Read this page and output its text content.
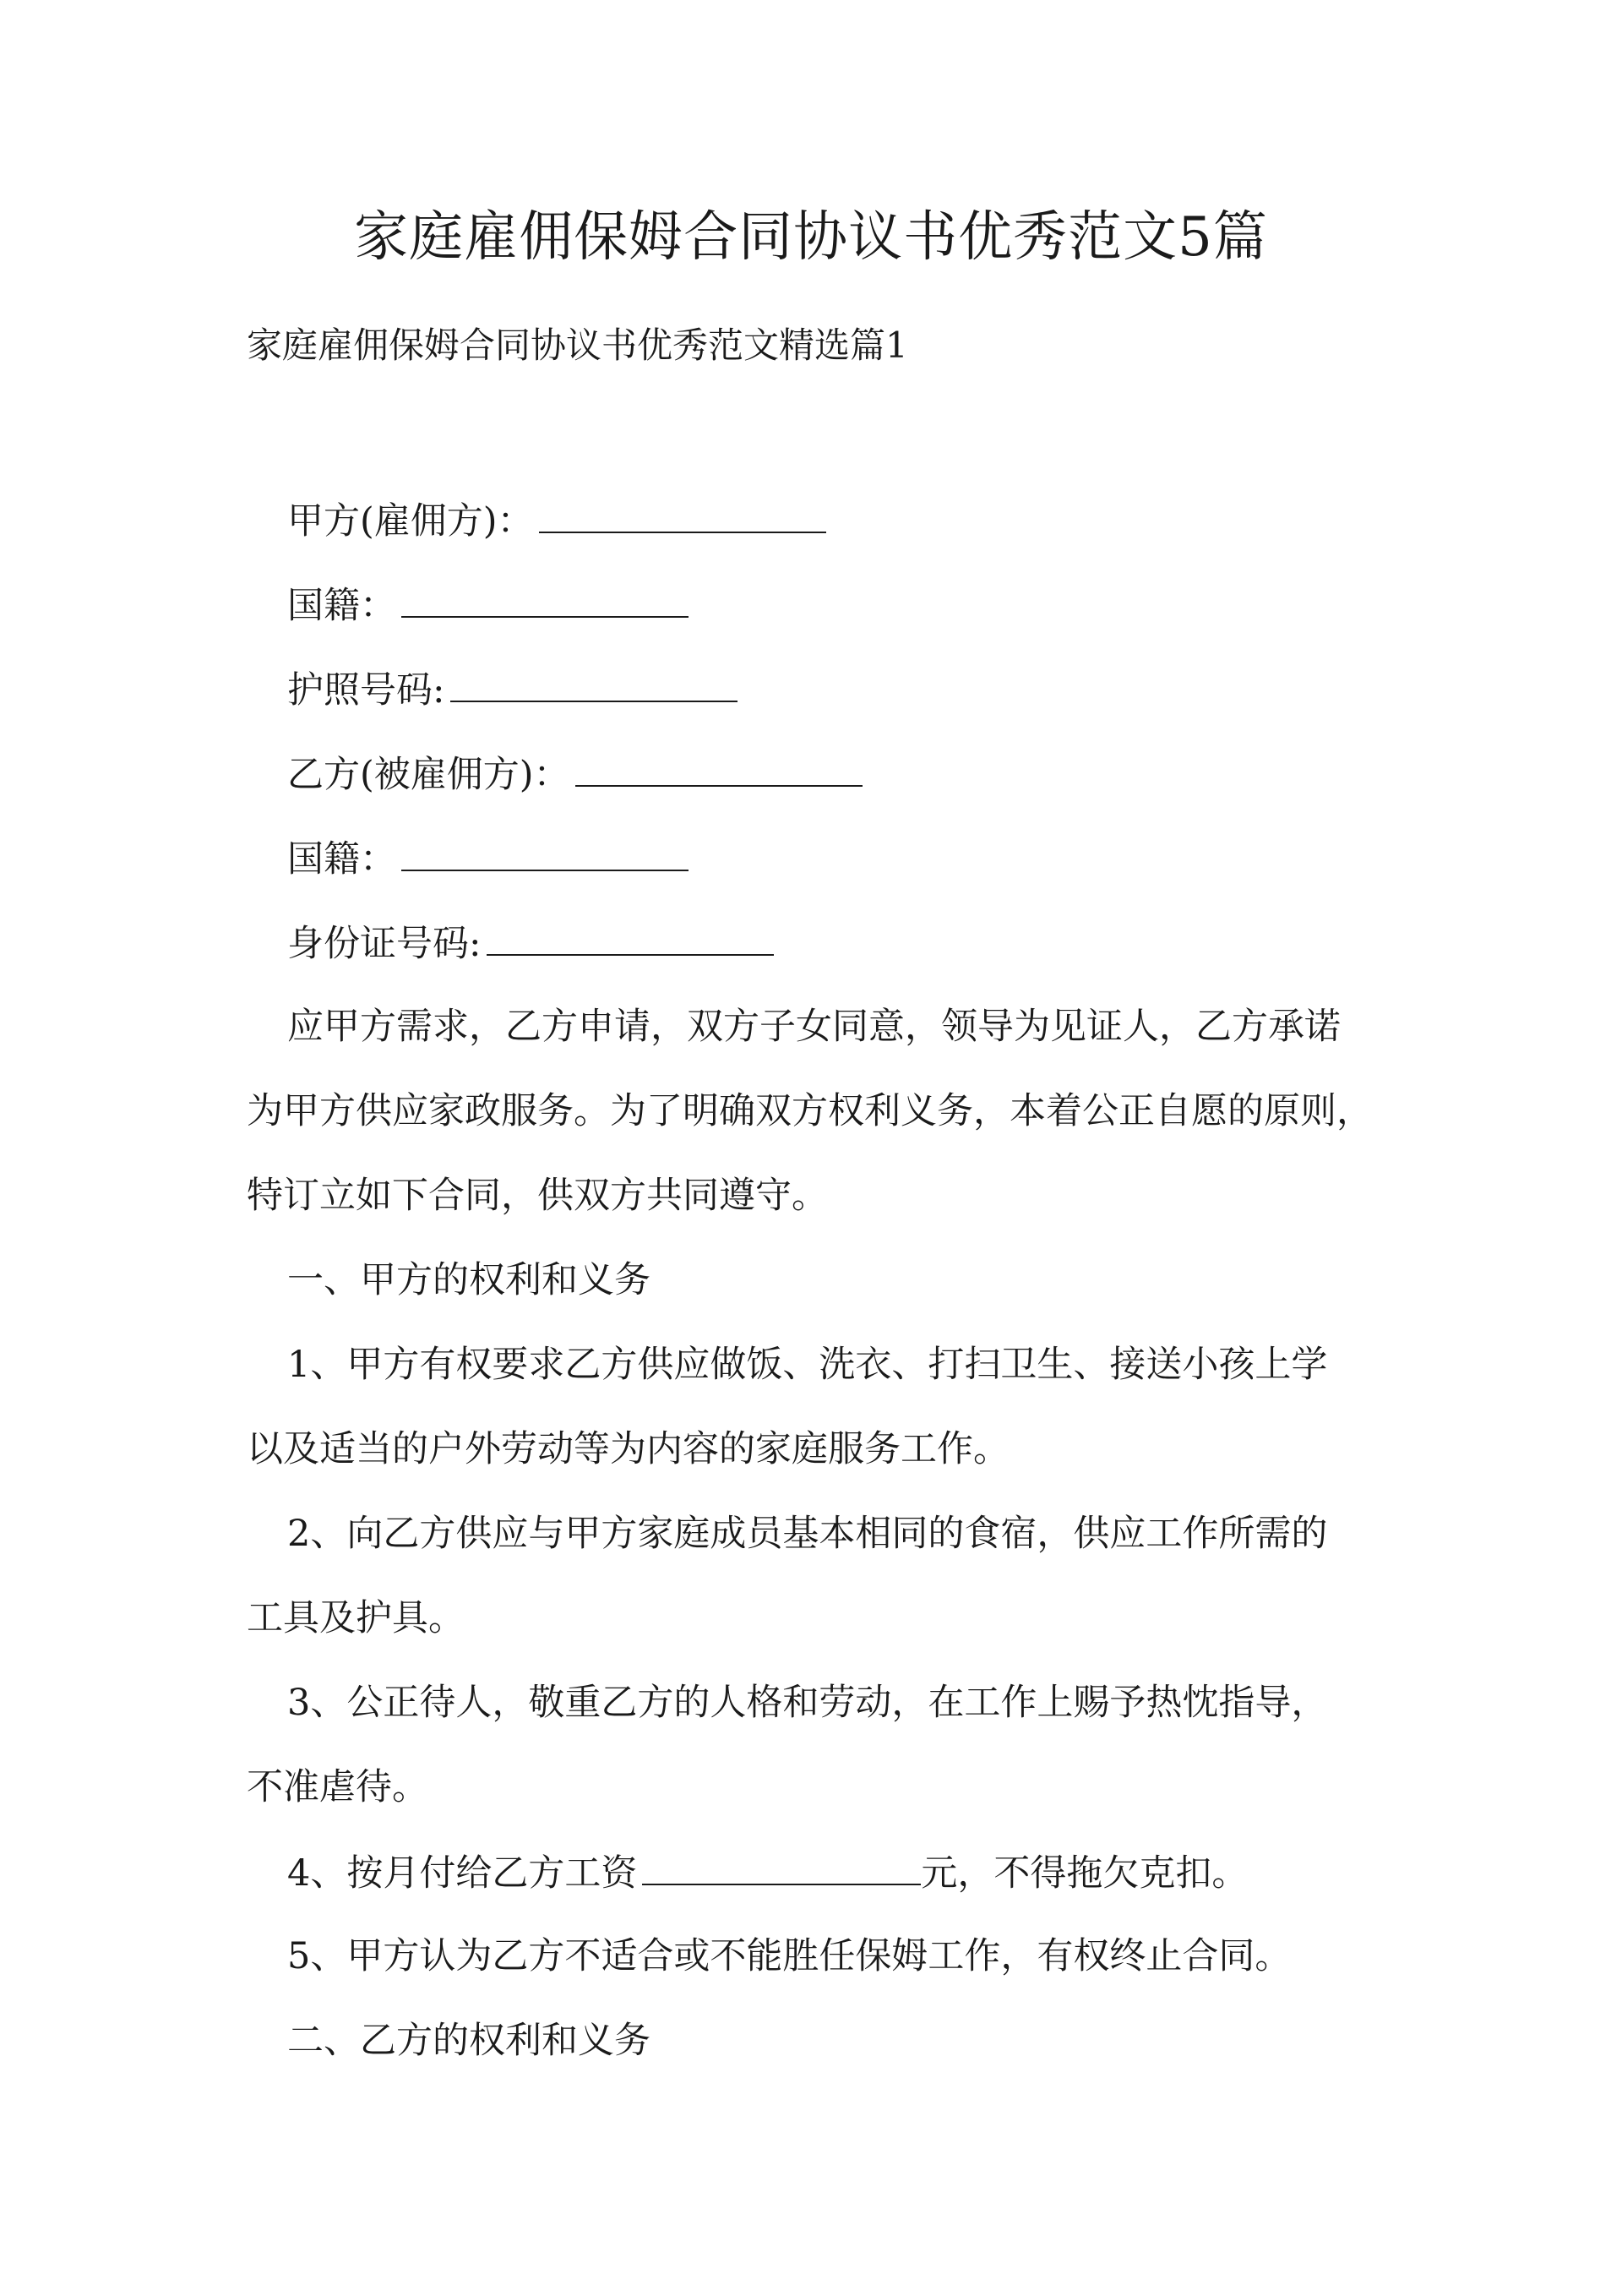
家庭雇佣保姆合同协议书优秀范文5篇
家庭雇佣保姆合同协议书优秀范文精选篇1
甲方(雇佣方)：
国籍：
护照号码:
乙方(被雇佣方)：
国籍：
身份证号码:
应甲方需求，乙方申请，双方子女同意，领导为见证人，乙方承诺
为甲方供应家政服务。为了明确双方权利义务，本着公正自愿的原则，
特订立如下合同，供双方共同遵守。
一、甲方的权利和义务
1、甲方有权要求乙方供应做饭、洗衣、打扫卫生、接送小孩上学
以及适当的户外劳动等为内容的家庭服务工作。
2、向乙方供应与甲方家庭成员基本相同的食宿，供应工作所需的
工具及护具。
3、公正待人，敬重乙方的人格和劳动，在工作上赐予热忱指导，
不准虐待。
4、按月付给乙方工资	元，不得拖欠克扣。
5、甲方认为乙方不适合或不能胜任保姆工作，有权终止合同。
二、乙方的权利和义务
